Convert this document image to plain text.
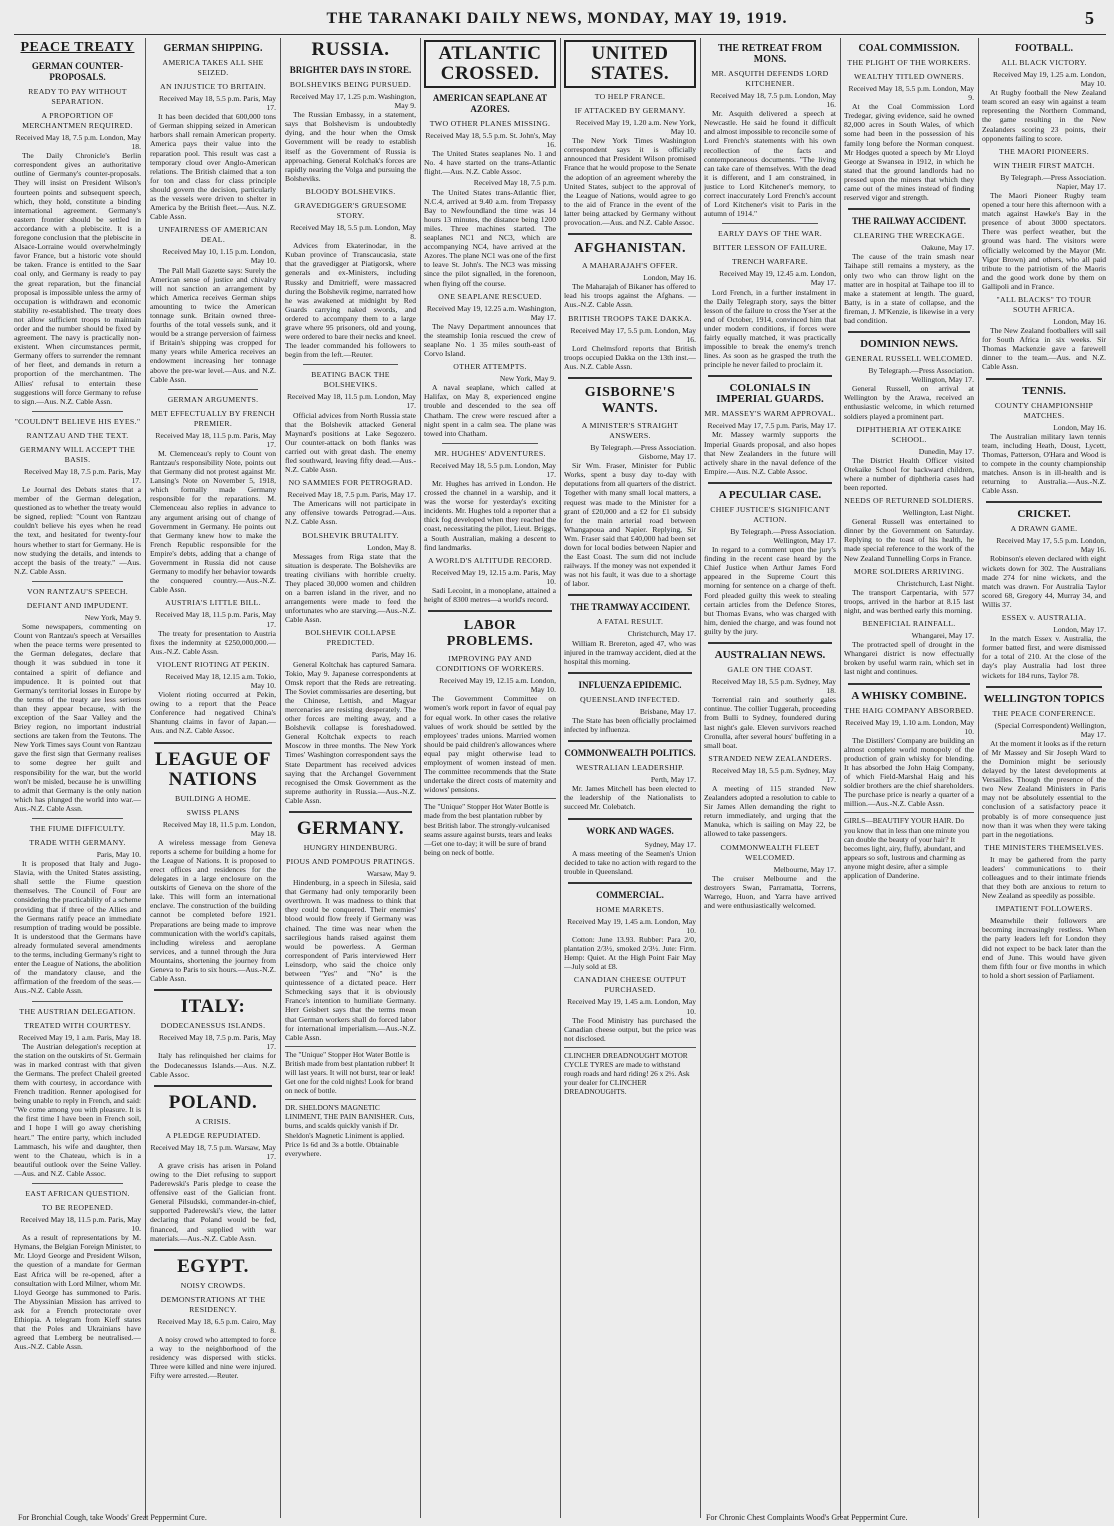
THE TARANAKI DAILY NEWS, MONDAY, MAY 19, 1919.	5
PEACE TREATY
GERMAN COUNTER-PROPOSALS.
READY TO PAY WITHOUT SEPARATION.
A PROPORTION OF MERCHANTMEN REQUIRED.
Received May 18, 7.5 p.m. London, May 18.

The Daily Chronicle's Berlin correspondent gives an authoritative outline of Germany's counter-proposals. They will insist on President Wilson's fourteen points and subsequent speech, which, they hold, constitute a binding international agreement. Germany's eastern frontier should be settled in accordance with a plebiscite. It is a foregone conclusion that the plebiscite in Alsace-Lorraine would overwhelmingly favor France, but a historic vote should be taken. France is entitled to the Saar coal only, and Germany is ready to pay the great reparation, but the financial proposal is impossible unless the army of occupation is withdrawn and economic stability re-established. The treaty does not allow sufficient troops to maintain order and the number should be fixed by agreement. The navy is practically non-existent. When circumstances permit, Germany offers to surrender the remnant of her fleet, and demands in return a proportion of the merchantmen. The Allies' refusal to entertain these suggestions will force Germany to refuse to sign.—Aus. N.Z. Cable Assn.

"COULDN'T BELIEVE HIS EYES."
RANTZAU AND THE TEXT.
GERMANY WILL ACCEPT THE BASIS.
Received May 18, 7.5 p.m. Paris, May 17.

Le Journal des Debats states that a member of the German delegation, questioned as to whether the treaty would be signed, replied: "Count von Rantzau couldn't believe his eyes when he read the text, and hesitated for twenty-four hours whether to start for Germany. He is now studying the details, and intends to accept the basis of the treaty." —Aus. N.Z. Cable Assn.

VON RANTZAU'S SPEECH.
DEFIANT AND IMPUDENT.
New York, May 9.

Some newspapers, commenting on Count von Rantzau's speech at Versailles when the peace terms were presented to the German delegates, declare that though it was subdued in tone it contained a spirit of defiance and impudence. It is pointed out that Germany's territorial losses in Europe by the terms of the treaty are less serious than they appear because, with the exception of the Saar Valley and the Briey region, no important industrial sections are taken from the Teutons. The New York Times says Count von Rantzau gave the first sign that Germany realises to some degree her guilt and responsibility for the war, but the world won't be misled, because he is unwilling to admit that Germany is the only nation which has plunged the world into war.—Aus.-N.Z. Cable Assn.

THE FIUME DIFFICULTY.
TRADE WITH GERMANY.
Paris, May 10.

It is proposed that Italy and Jugo-Slavia, with the United States assisting, shall settle the Fiume question themselves. The Council of Four are considering the practicability of a scheme providing that if three of the Allies and the Germans ratify peace an immediate resumption of trading would be possible. It is understood that the Germans have already formulated several amendments to the terms, including Germany's right to enter the League of Nations, the abolition of the mandatory clause, and the affirmation of the freedom of the seas.—Aus.-N.Z. Cable Assn.

THE AUSTRIAN DELEGATION.
TREATED WITH COURTESY.
Received May 19, 1 a.m. Paris, May 18.

The Austrian delegation's reception at the station on the outskirts of St. Germain was in marked contrast with that given the Germans. The prefect Chaleil greeted them with courtesy, in accordance with French tradition. Renner apologised for being unable to reply in French, and said: "We come among you with pleasure. It is the first time I have been in French soil, and I hope I will go away cherishing heart." The entire party, which included Lammasch, his wife and daughter, then went to the Chateau, which is in a beautiful outlook over the Seine Valley.—Aus. and N.Z. Cable Assoc.

EAST AFRICAN QUESTION.
TO BE REOPENED.
Received May 18, 11.5 p.m. Paris, May 10.

As a result of representations by M. Hymans, the Belgian Foreign Minister, to Mr. Lloyd George and President Wilson, the question of a mandate for German East Africa will be re-opened, after a consultation with Lord Milner, whom Mr. Lloyd George has summoned to Paris. The Abyssinian Mission has arrived to ask for a French protectorate over Ethiopia. A telegram from Kieff states that the Poles and Ukrainians have agreed that Lemberg be neutralised.—Aus.-N.Z. Cable Assn.

GERMAN SHIPPING.
AMERICA TAKES ALL SHE SEIZED.
AN INJUSTICE TO BRITAIN.
Received May 18, 5.5 p.m. Paris, May 17.

It has been decided that 600,000 tons of German shipping seized in American harbors shall remain American property. America pays their value into the reparation pool. This result was cast a temporary cloud over Anglo-American relations. The British claimed that a ton for ton and class for class principle should govern the decision, particularly as the vessels were driven to shelter in America by the British fleet.—Aus. N.Z. Cable Assn.

UNFAIRNESS OF AMERICAN DEAL.
Received May 10, 1.15 p.m. London, May 10.

The Pall Mall Gazette says: Surely the American sense of justice and chivalry will not sanction an arrangement by which America receives German ships amounting to twice the American tonnage sunk. Britain owned three-fourths of the total vessels sunk, and it would be a strange perversion of fairness if Britain's shipping was cropped for many years while America receives an endowment increasing her tonnage above the pre-war level.—Aus. and N.Z. Cable Assn.

GERMAN ARGUMENTS.
MET EFFECTUALLY BY FRENCH PREMIER.
Received May 18, 11.5 p.m. Paris, May 17.

M. Clemenceau's reply to Count von Rantzau's responsibility Note, points out that Germany did not protest against Mr. Lansing's Note on November 5, 1918, which formally made Germany responsible for the reparations. M. Clemenceau also replies in advance to any argument arising out of change of Government in Germany. He points out that Germany knew how to make the French Republic responsible for the Empire's debts, adding that a change of Government in Russia did not cause Germany to modify her behavior towards the conquered country.—Aus.-N.Z. Cable Assn.

AUSTRIA'S LITTLE BILL.
Received May 18, 11.5 p.m. Paris, May 17.

The treaty for presentation to Austria fixes the indemnity at £250,000,000.—Aus.-N.Z. Cable Assn.

VIOLENT RIOTING AT PEKIN.
Received May 18, 12.15 a.m. Tokio, May 10.

Violent rioting occurred at Pekin, owing to a report that the Peace Conference had negatived China's Shantung claims in favor of Japan.—Aus. and N.Z. Cable Assoc.

LEAGUE OF NATIONS
BUILDING A HOME.
SWISS PLANS
Received May 18, 11.5 p.m. London, May 18.

A wireless message from Geneva reports a scheme for building a home for the League of Nations. It is proposed to erect offices and residences for the delegates in a large enclosure on the outskirts of Geneva on the shore of the lake. This will form an international enclave. The construction of the building cannot be completed before 1921. Preparations are being made to improve communication with the world's capitals, including wireless and aeroplane services, and a tunnel through the Jura Mountains, shortening the journey from Geneva to Paris to six hours.—Aus.-N.Z. Cable Assn.

ITALY:
DODECANESSUS ISLANDS.
Received May 18, 7.5 p.m. Paris, May 17.

Italy has relinquished her claims for the Dodecanessus Islands.—Aus. N.Z. Cable Assoc.

POLAND.
A CRISIS.
A PLEDGE REPUDIATED.
Received May 18, 7.5 p.m. Warsaw, May 17.

A grave crisis has arisen in Poland owing to the Diet refusing to support Paderewski's Paris pledge to cease the offensive east of the Galician front. General Pilsudski, commander-in-chief, supported Paderewski's view, the latter declaring that Poland would be fed, financed, and supplied with war materials.—Aus.-N.Z. Cable Assn.

EGYPT.
NOISY CROWDS.
DEMONSTRATIONS AT THE RESIDENCY.
Received May 18, 6.5 p.m. Cairo, May 8.

A noisy crowd who attempted to force a way to the neighborhood of the residency was dispersed with sticks. Three were killed and nine were injured. Fifty were arrested.—Reuter.

For Bronchial Cough, take Woods' Great Peppermint Cure.
RUSSIA.
BRIGHTER DAYS IN STORE.
BOLSHEVIKS BEING PURSUED.
Received May 17, 1.25 p.m. Washington, May 9.

The Russian Embassy, in a statement, says that Bolshevism is undoubtedly dying, and the hour when the Omsk Government will be ready to establish itself as the Government of Russia is approaching. General Kolchak's forces are rapidly nearing the Volga and pursuing the Bolsheviks.

BLOODY BOLSHEVIKS.
GRAVEDIGGER'S GRUESOME STORY.
Received May 18, 5.5 p.m. London, May 8.

Advices from Ekaterinodar, in the Kuban province of Transcaucasia, state that the gravedigger at Piatigorsk, where generals and ex-Ministers, including Russky and Dmitrieff, were massacred during the Bolshevik regime, narrated how he was awakened at midnight by Red Guards carrying naked swords, and ordered to accompany them to a large grave where 95 prisoners, old and young, were ordered to bare their necks and kneel. The leader commanded his followers to begin from the left.—Reuter.

BEATING BACK THE BOLSHEVIKS.
Received May 18, 11.5 p.m. London, May 17.

Official advices from North Russia state that the Bolshevik attacked General Maynard's positions at Lake Segozero. Our counter-attack on both flanks was carried out with great dash. The enemy fled southward, leaving fifty dead.—Aus.-N.Z. Cable Assn.

NO SAMMIES FOR PETROGRAD.
Received May 18, 7.5 p.m. Paris, May 17.

The Americans will not participate in any offensive towards Petrograd.—Aus. N.Z. Cable Assn.

BOLSHEVIK BRUTALITY.
London, May 8.

Messages from Riga state that the situation is desperate. The Bolsheviks are treating civilians with horrible cruelty. They placed 30,000 women and children on a barren island in the river, and no arrangements were made to feed the unfortunates who are starving.—Aus.-N.Z. Cable Assn.

BOLSHEVIK COLLAPSE PREDICTED.
Paris, May 16.

General Koltchak has captured Samara. Tokio, May 9. Japanese correspondents at Omsk report that the Reds are retreating. The Soviet commissaries are deserting, but the Chinese, Lettish, and Magyar mercenaries are resisting desperately. The other forces are melting away, and a Bolshevik collapse is foreshadowed. General Koltchak expects to reach Moscow in three months. The New York Times' Washington correspondent says the State Department has received advices saying that the Archangel Government recognised the Omsk Government as the supreme authority in Russia.—Aus.-N.Z. Cable Assn.

GERMANY.
HUNGRY HINDENBURG.
PIOUS AND POMPOUS PRATINGS.
Warsaw, May 9.

Hindenburg, in a speech in Silesia, said that Germany had only temporarily been overthrown. It was madness to think that they could be conquered. Their enemies' blood would flow freely if Germany was chained. The time was near when the sacrilegious hands raised against them would be powerless. A German correspondent of Paris interviewed Herr Leinsdorp, who said the choice only between "Yes" and "No" is the quintessence of a dictated peace. Herr Schmecking says that it is obviously France's intention to humiliate Germany. Herr Geisbert says that the terms mean that German workers shall do forced labor for international imperialism.—Aus.-N.Z. Cable Assn.

The "Unique" Stopper Hot Water Bottle is British made from best plantation rubber! It will last years. It will not burst, tear or leak! Get one for the cold nights! Look for brand on neck of bottle.
DR. SHELDON'S MAGNETIC LINIMENT, THE PAIN BANISHER. Cuts, burns, and scalds quickly vanish if Dr. Sheldon's Magnetic Liniment is applied. Price 1s 6d and 3s a bottle. Obtainable everywhere.
ATLANTIC CROSSED.
AMERICAN SEAPLANE AT AZORES.
TWO OTHER PLANES MISSING.
Received May 18, 5.5 p.m. St. John's, May 16.

The United States seaplanes No. 1 and No. 4 have started on the trans-Atlantic flight.—Aus. N.Z. Cable Assoc.

Received May 18, 7.5 p.m.

The United States trans-Atlantic flier, N.C.4, arrived at 9.40 a.m. from Trepassy Bay to Newfoundland the time was 14 hours 13 minutes, the distance being 1200 miles. Three machines started. The seaplanes NC1 and NC3, which are accompanying NC4, have arrived at the Azores. The plane NC1 was one of the first to leave St. John's. The NC3 was missing since the pilot signalled, in the forenoon, when flying off the course.

ONE SEAPLANE RESCUED.
Received May 19, 12.25 a.m. Washington, May 17.

The Navy Department announces that the steamship Ionia rescued the crew of seaplane No. 1 35 miles south-east of Corvo Island.

OTHER ATTEMPTS.
New York, May 9.

A naval seaplane, which called at Halifax, on May 8, experienced engine trouble and descended to the sea off Chatham. The crew were rescued after a night spent in a calm sea. The plane was towed into Chatham.

MR. HUGHES' ADVENTURES.
Received May 18, 5.5 p.m. London, May 17.

Mr. Hughes has arrived in London. He crossed the channel in a warship, and it was the worse for yesterday's exciting incidents. Mr. Hughes told a reporter that a thick fog developed when they reached the coast, necessitating the pilot, Lieut. Briggs, a South Australian, making a descent to find landmarks.

A WORLD'S ALTITUDE RECORD.
Received May 19, 12.15 a.m. Paris, May 10.

Sadi Lecoint, in a monoplane, attained a height of 8300 metres—a world's record.

LABOR PROBLEMS.
IMPROVING PAY AND CONDITIONS OF WORKERS.
Received May 19, 12.15 a.m. London, May 10.

The Government Committee on women's work report in favor of equal pay for equal work. In other cases the relative values of work should be settled by the employees' trades unions. Married women should be paid children's allowances where equal pay might otherwise lead to employment of women instead of men. The committee recommends that the State undertake the direct costs of maternity and widows' pensions.

The "Unique" Stopper Hot Water Bottle is made from the best plantation rubber by best British labor. The strongly-vulcanised seams assure against bursts, tears and leaks—Get one to-day; it will be sure of brand being on neck of bottle.
UNITED STATES.
TO HELP FRANCE.
IF ATTACKED BY GERMANY.
Received May 19, 1.20 a.m. New York, May 10.

The New York Times Washington correspondent says it is officially announced that President Wilson promised France that he would propose to the Senate the adoption of an agreement whereby the United States, subject to the approval of the League of Nations, would agree to go to the aid of France in the event of the latter being attacked by Germany without provocation.—Aus. and N.Z. Cable Assoc.

AFGHANISTAN.
A MAHARAJAH'S OFFER.
London, May 16.

The Maharajah of Bikaner has offered to lead his troops against the Afghans. —Aus.-N.Z. Cable Assn.

BRITISH TROOPS TAKE DAKKA.
Received May 17, 5.5 p.m. London, May 16.

Lord Chelmsford reports that British troops occupied Dakka on the 13th inst.—Aus. N.Z. Cable Assn.

GISBORNE'S WANTS.
A MINISTER'S STRAIGHT ANSWERS.
By Telegraph.—Press Association. Gisborne, May 17.

Sir Wm. Fraser, Minister for Public Works, spent a busy day to-day with deputations from all quarters of the district. Together with many small local matters, a request was made to the Minister for a grant of £20,000 and a £2 for £1 subsidy for the main arterial road between Whangapoua and Napier. Replying, Sir Wm. Fraser said that £40,000 had been set down for local bodies between Napier and the East Coast. The sum did not include railways. If the money was not expended it was not his fault, it was due to a shortage of labor.

THE TRAMWAY ACCIDENT.
A FATAL RESULT.
Christchurch, May 17.

William R. Brereton, aged 47, who was injured in the tramway accident, died at the hospital this morning.

INFLUENZA EPIDEMIC.
QUEENSLAND INFECTED.
Brisbane, May 17.

The State has been officially proclaimed infected by influenza.

COMMONWEALTH POLITICS.
WESTRALIAN LEADERSHIP.
Perth, May 17.

Mr. James Mitchell has been elected to the leadership of the Nationalists to succeed Mr. Colebatch.

WORK AND WAGES.
Sydney, May 17.

A mass meeting of the Seamen's Union decided to take no action with regard to the trouble in Queensland.

COMMERCIAL.
HOME MARKETS.
Received May 19, 1.45 a.m. London, May 10.

Cotton: June 13.93. Rubber: Para 2/0, plantation 2/3½, smoked 2/3½. Jute: Firm. Hemp: Quiet. At the High Point Fair May—July sold at £8.

CANADIAN CHEESE OUTPUT PURCHASED.
Received May 19, 1.45 a.m. London, May 10.

The Food Ministry has purchased the Canadian cheese output, but the price was not disclosed.

CLINCHER DREADNOUGHT MOTOR CYCLE TYRES are made to withstand rough roads and hard riding! 26 x 2½. Ask your dealer for CLINCHER DREADNOUGHTS.
THE RETREAT FROM MONS.
MR. ASQUITH DEFENDS LORD KITCHENER.
Received May 18, 7.5 p.m. London, May 16.

Mr. Asquith delivered a speech at Newcastle. He said he found it difficult and almost impossible to reconcile some of Lord French's statements with his own recollection of the facts and contemporaneous documents. "The living can take care of themselves. With the dead it is different, and I am constrained, in justice to Lord Kitchener's memory, to correct inaccurately Lord French's account of Lord Kitchener's visit to Paris in the autumn of 1914."

EARLY DAYS OF THE WAR.
BITTER LESSON OF FAILURE.
TRENCH WARFARE.
Received May 19, 12.45 a.m. London, May 17.

Lord French, in a further instalment in the Daily Telegraph story, says the bitter lesson of the failure to cross the Yser at the end of October, 1914, convinced him that under modern conditions, if forces were fairly equally matched, it was practically impossible to break the enemy's trench lines. As soon as he grasped the truth the principle he never failed to proclaim it.

COLONIALS IN IMPERIAL GUARDS.
MR. MASSEY'S WARM APPROVAL.
Received May 17, 7.5 p.m. Paris, May 17.

Mr. Massey warmly supports the Imperial Guards proposal, and also hopes that New Zealanders in the future will actively share in the naval defence of the Empire.—Aus. N.Z. Cable Assoc.

A PECULIAR CASE.
CHIEF JUSTICE'S SIGNIFICANT ACTION.
By Telegraph.—Press Association. Wellington, May 17.

In regard to a comment upon the jury's finding in the recent case heard by the Chief Justice when Arthur James Ford appeared in the Supreme Court this morning for sentence on a charge of theft. Ford pleaded guilty this week to stealing certain articles from the Defence Stores, but Thomas Evans, who was charged with him, denied the charge, and was found not guilty by the jury.

AUSTRALIAN NEWS.
GALE ON THE COAST.
Received May 18, 5.5 p.m. Sydney, May 18.

Torrential rain and southerly gales continue. The collier Tuggerah, proceeding from Bulli to Sydney, foundered during last night's gale. Eleven survivors reached Cronulla, after several hours' buffeting in a small boat.

STRANDED NEW ZEALANDERS.
Received May 18, 5.5 p.m. Sydney, May 17.

A meeting of 115 stranded New Zealanders adopted a resolution to cable to Sir James Allen demanding the right to return immediately, and urging that the Manuka, which is sailing on May 22, be allowed to take passengers.

COMMONWEALTH FLEET WELCOMED.
Melbourne, May 17.

The cruiser Melbourne and the destroyers Swan, Parramatta, Torrens, Warrego, Huon, and Yarra have arrived and were enthusiastically welcomed.

For Chronic Chest Complaints Wood's Great Peppermint Cure.
COAL COMMISSION.
THE PLIGHT OF THE WORKERS.
WEALTHY TITLED OWNERS.
Received May 18, 5.5 p.m. London, May 9.

At the Coal Commission Lord Tredegar, giving evidence, said he owned 82,000 acres in South Wales, of which some had been in the possession of his family long before the Norman conquest. Mr Hodges quoted a speech by Mr Lloyd George at Swansea in 1912, in which he stated that the ground landlords had no pressed upon the miners that which they came out of the mines instead of finding reserved vigor and strength.

THE RAILWAY ACCIDENT.
CLEARING THE WRECKAGE.
Oakune, May 17.

The cause of the train smash near Taihape still remains a mystery, as the only two who can throw light on the matter are in hospital at Taihape too ill to make a statement at length. The guard, Batty, is in a state of collapse, and the fireman, J. M'Kenzie, is likewise in a very bad condition.

DOMINION NEWS.
GENERAL RUSSELL WELCOMED.
By Telegraph.—Press Association. Wellington, May 17.

General Russell, on arrival at Wellington by the Arawa, received an enthusiastic welcome, in which returned soldiers played a prominent part.

DIPHTHERIA AT OTEKAIKE SCHOOL.
Dunedin, May 17.

The District Health Officer visited Otekaike School for backward children, where a number of diphtheria cases had been reported.

NEEDS OF RETURNED SOLDIERS.
Wellington, Last Night.

General Russell was entertained to dinner by the Government on Saturday. Replying to the toast of his health, he made special reference to the work of the New Zealand Tunnelling Corps in France.

MORE SOLDIERS ARRIVING.
Christchurch, Last Night.

The transport Carpentaria, with 577 troops, arrived in the harbor at 8.15 last night, and was berthed early this morning.

BENEFICIAL RAINFALL.
Whangarei, May 17.

The protracted spell of drought in the Whangarei district is now effectually broken by useful warm rain, which set in last night and continues.

A WHISKY COMBINE.
THE HAIG COMPANY ABSORBED.
Received May 19, 1.10 a.m. London, May 10.

The Distillers' Company are building an almost complete world monopoly of the production of grain whisky for blending. It has absorbed the John Haig Company, of which Field-Marshal Haig and his soldier brothers are the chief shareholders. The purchase price is nearly a quarter of a million.—Aus.-N.Z. Cable Assn.

GIRLS—BEAUTIFY YOUR HAIR. Do you know that in less than one minute you can double the beauty of your hair? It becomes light, airy, fluffy, abundant, and appears so soft, lustrous and charming as anyone might desire, after a simple application of Danderine.
FOOTBALL.
ALL BLACK VICTORY.
Received May 19, 1.25 a.m. London, May 10.

At Rugby football the New Zealand team scored an easy win against a team representing the Northern Command, the game resulting in the New Zealanders scoring 23 points, their opponents failing to score.

THE MAORI PIONEERS.
WIN THEIR FIRST MATCH.
By Telegraph.—Press Association. Napier, May 17.

The Maori Pioneer Rugby team opened a tour here this afternoon with a match against Hawke's Bay in the presence of about 3000 spectators. There was perfect weather, but the ground was hard. The visitors were officially welcomed by the Mayor (Mr. Vigor Brown) and others, who all paid tribute to the patriotism of the Maoris and the good work done by them on Gallipoli and in France.

"ALL BLACKS" TO TOUR SOUTH AFRICA.
London, May 16.

The New Zealand footballers will sail for South Africa in six weeks. Sir Thomas Mackenzie gave a farewell dinner to the team.—Aus. and N.Z. Cable Assn.

TENNIS.
COUNTY CHAMPIONSHIP MATCHES.
London, May 16.

The Australian military lawn tennis team, including Heath, Doust, Lycett, Thomas, Patterson, O'Hara and Wood is to compete in the county championship matches. Anson is in ill-health and is returning to Australia.—Aus.-N.Z. Cable Assn.

CRICKET.
A DRAWN GAME.
Received May 17, 5.5 p.m. London, May 16.

Robinson's eleven declared with eight wickets down for 302. The Australians made 274 for nine wickets, and the match was drawn. For Australia Taylor scored 68, Gregory 44, Murray 34, and Willis 37.

ESSEX v. AUSTRALIA.
London, May 17.

In the match Essex v. Australia, the former batted first, and were dismissed for a total of 210. At the close of the day's play Australia had lost three wickets for 184 runs, Taylor 78.

WELLINGTON TOPICS
THE PEACE CONFERENCE.
(Special Correspondent) Wellington, May 17.

At the moment it looks as if the return of Mr Massey and Sir Joseph Ward to the Dominion might be seriously delayed by the latest developments at Versailles. Though the presence of the two New Zealand Ministers in Paris may not be absolutely essential to the conclusion of a satisfactory peace it probably is of more consequence just now than it was when they were taking part in the negotiations.

THE MINISTERS THEMSELVES.

It may be gathered from the party leaders' communications to their colleagues and to their intimate friends that they both are anxious to return to New Zealand as speedily as possible.

IMPATIENT FOLLOWERS.

Meanwhile their followers are becoming increasingly restless. When the party leaders left for London they did not expect to be back later than the end of June. This would have given them fifth four or five months in which to hold a short session of Parliament.
